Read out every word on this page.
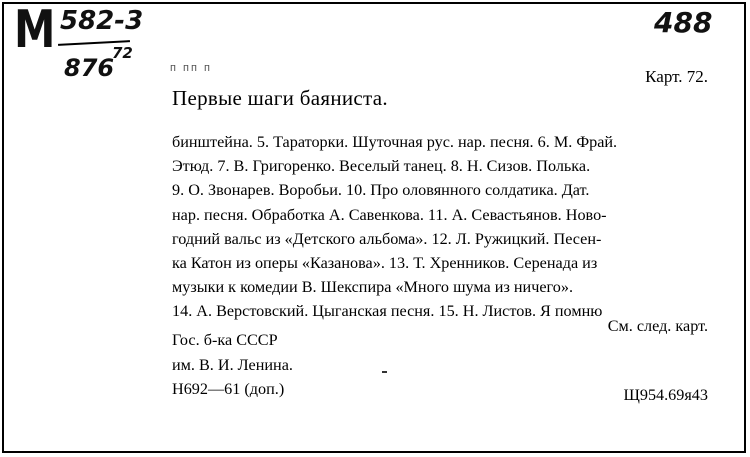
М 582-3
876
72
488
п пп п	Карт. 72.
Первые шаги баяниста.
бинштейна. 5. Тараторки. Шуточная рус. нар. песня. 6. М. Фрай.
Этюд. 7. В. Григоренко. Веселый танец. 8. Н. Сизов. Полька.
9. О. Звонарев. Воробьи. 10. Про оловянного солдатика. Дат.
нар. песня. Обработка А. Савенкова. 11. А. Севастьянов. Ново-
годний вальс из «Детского альбома». 12. Л. Ружицкий. Песен-
ка Катон из оперы «Казанова». 13. Т. Хренников. Серенада из
музыки к комедии В. Шекспира «Много шума из ничего».
14. А. Верстовский. Цыганская песня. 15. Н. Листов. Я помню
См. след. карт.
Гос. б-ка СССР
им. В. И. Ленина.
Н692—61 (доп.)	Щ954.69я43
